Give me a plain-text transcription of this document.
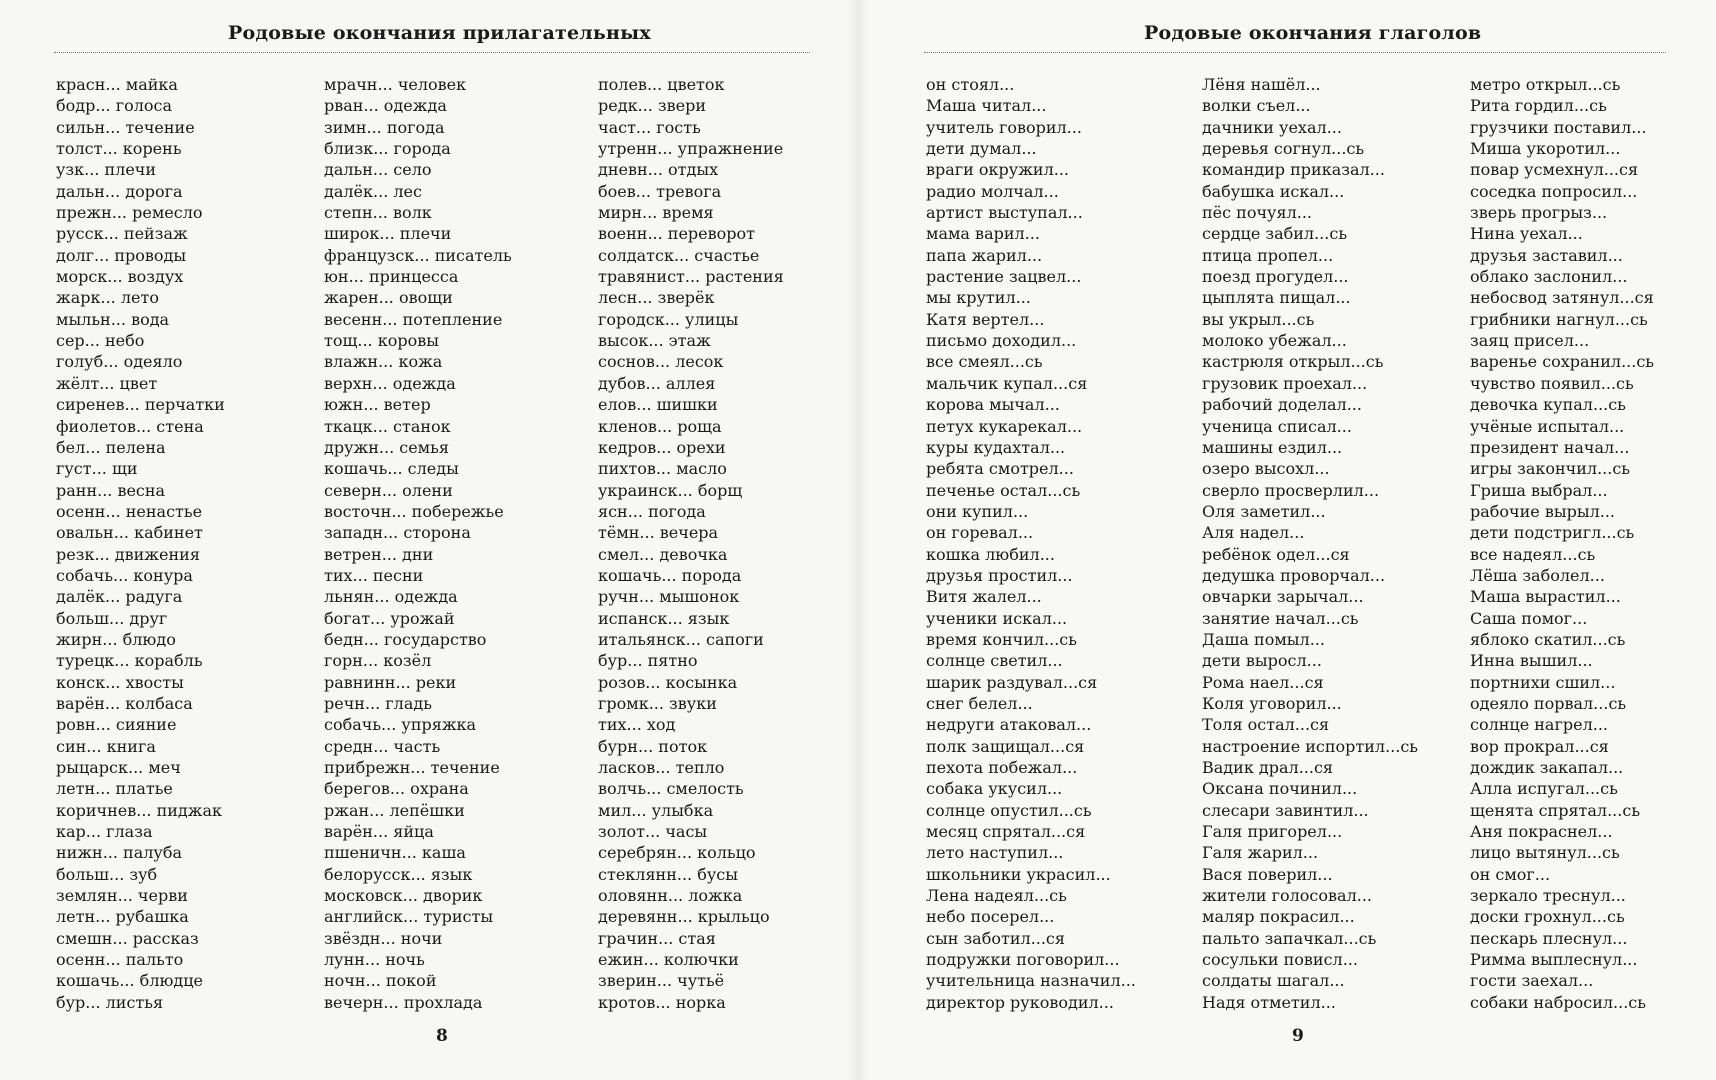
Родовые окончания прилагательных
красн... майка
бодр... голоса
сильн... течение
толст... корень
узк... плечи
дальн... дорога
прежн... ремесло
русск... пейзаж
долг... проводы
морск... воздух
жарк... лето
мыльн... вода
сер... небо
голуб... одеяло
жёлт... цвет
сиренев... перчатки
фиолетов... стена
бел... пелена
густ... щи
ранн... весна
осенн... ненастье
овальн... кабинет
резк... движения
собачь... конура
далёк... радуга
больш... друг
жирн... блюдо
турецк... корабль
конск... хвосты
варён... колбаса
ровн... сияние
син... книга
рыцарск... меч
летн... платье
коричнев... пиджак
кар... глаза
нижн... палуба
больш... зуб
землян... черви
летн... рубашка
смешн... рассказ
осенн... пальто
кошачь... блюдце
бур... листья
мрачн... человек
рван... одежда
зимн... погода
близк... города
дальн... село
далёк... лес
степн... волк
широк... плечи
французск... писатель
юн... принцесса
жарен... овощи
весенн... потепление
тощ... коровы
влажн... кожа
верхн... одежда
южн... ветер
ткацк... станок
дружн... семья
кошачь... следы
северн... олени
восточн... побережье
западн... сторона
ветрен... дни
тих... песни
льнян... одежда
богат... урожай
бедн... государство
горн... козёл
равнинн... реки
речн... гладь
собачь... упряжка
средн... часть
прибрежн... течение
берегов... охрана
ржан... лепёшки
варён... яйца
пшеничн... каша
белорусск... язык
московск... дворик
английск... туристы
звёздн... ночи
лунн... ночь
ночн... покой
вечерн... прохлада
полев... цветок
редк... звери
част... гость
утренн... упражнение
дневн... отдых
боев... тревога
мирн... время
военн... переворот
солдатск... счастье
травянист... растения
лесн... зверёк
городск... улицы
высок... этаж
соснов... лесок
дубов... аллея
елов... шишки
кленов... роща
кедров... орехи
пихтов... масло
украинск... борщ
ясн... погода
тёмн... вечера
смел... девочка
кошачь... порода
ручн... мышонок
испанск... язык
итальянск... сапоги
бур... пятно
розов... косынка
громк... звуки
тих... ход
бурн... поток
ласков... тепло
волчь... смелость
мил... улыбка
золот... часы
серебрян... кольцо
стеклянн... бусы
оловянн... ложка
деревянн... крыльцо
грачин... стая
ежин... колючки
зверин... чутьё
кротов... норка
8
Родовые окончания глаголов
он стоял...
Маша читал...
учитель говорил...
дети думал...
враги окружил...
радио молчал...
артист выступал...
мама варил...
папа жарил...
растение зацвел...
мы крутил...
Катя вертел...
письмо доходил...
все смеял...сь
мальчик купал...ся
корова мычал...
петух кукарекал...
куры кудахтал...
ребята смотрел...
печенье остал...сь
они купил...
он горевал...
кошка любил...
друзья простил...
Витя жалел...
ученики искал...
время кончил...сь
солнце светил...
шарик раздувал...ся
снег белел...
недруги атаковал...
полк защищал...ся
пехота побежал...
собака укусил...
солнце опустил...сь
месяц спрятал...ся
лето наступил...
школьники украсил...
Лена надеял...сь
небо посерел...
сын заботил...ся
подружки поговорил...
учительница назначил...
директор руководил...
Лёня нашёл...
волки съел...
дачники уехал...
деревья согнул...сь
командир приказал...
бабушка искал...
пёс почуял...
сердце забил...сь
птица пропел...
поезд прогудел...
цыплята пищал...
вы укрыл...сь
молоко убежал...
кастрюля открыл...сь
грузовик проехал...
рабочий доделал...
ученица списал...
машины ездил...
озеро высохл...
сверло просверлил...
Оля заметил...
Аля надел...
ребёнок одел...ся
дедушка проворчал...
овчарки зарычал...
занятие начал...сь
Даша помыл...
дети выросл...
Рома наел...ся
Коля уговорил...
Толя остал...ся
настроение испортил...сь
Вадик драл...ся
Оксана починил...
слесари завинтил...
Галя пригорел...
Галя жарил...
Вася поверил...
жители голосовал...
маляр покрасил...
пальто запачкал...сь
сосульки повисл...
солдаты шагал...
Надя отметил...
метро открыл...сь
Рита гордил...сь
грузчики поставил...
Миша укоротил...
повар усмехнул...ся
соседка попросил...
зверь прогрыз...
Нина уехал...
друзья заставил...
облако заслонил...
небосвод затянул...ся
грибники нагнул...сь
заяц присел...
варенье сохранил...сь
чувство появил...сь
девочка купал...сь
учёные испытал...
президент начал...
игры закончил...сь
Гриша выбрал...
рабочие вырыл...
дети подстригл...сь
все надеял...сь
Лёша заболел...
Маша вырастил...
Саша помог...
яблоко скатил...сь
Инна вышил...
портнихи сшил...
одеяло порвал...сь
солнце нагрел...
вор прокрал...ся
дождик закапал...
Алла испугал...сь
щенята спрятал...сь
Аня покраснел...
лицо вытянул...сь
он смог...
зеркало треснул...
доски грохнул...сь
пескарь плеснул...
Римма выплеснул...
гости заехал...
собаки набросил...сь
9
